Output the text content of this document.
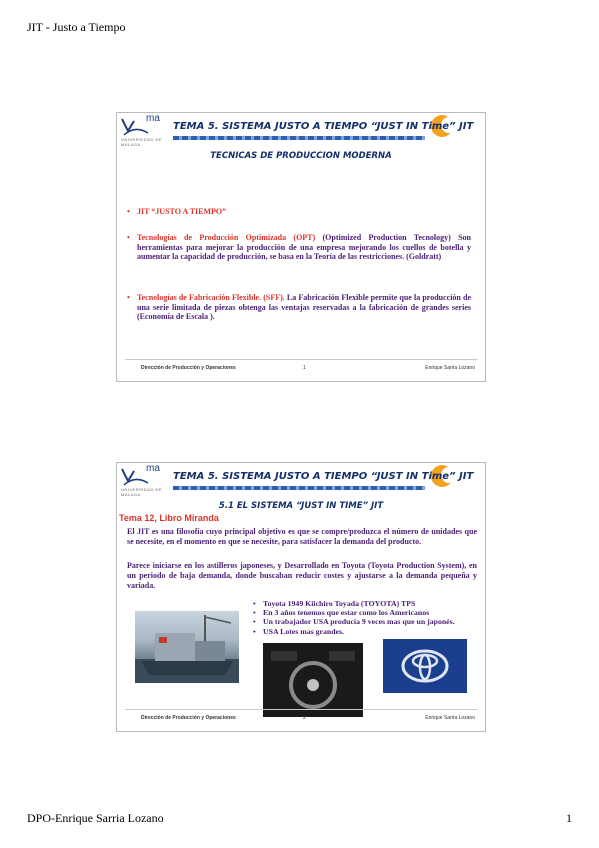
JIT - Justo a Tiempo
ma
UNIVERSIDAD DE MÁLAGA

TEMA 5. SISTEMA JUSTO A TIEMPO “JUST IN Time” JIT
TECNICAS DE PRODUCCION MODERNA
• JIT “JUSTO A TIEMPO”
• Tecnologías de Producción Optimizada (OPT) (Optimized Production Tecnology) Son herramientas para mejorar la producción de una empresa mejorando los cuellos de botella y aumentar la capacidad de producción, se basa en la Teoría de las restricciones. (Goldratt)
• Tecnologías de Fabricación Flexible. (SFF). La Fabricación Flexible permite que la producción de una serie limitada de piezas obtenga las ventajas reservadas a la fabricación de grandes series (Economía de Escala ).
Dirección de Producción y Operaciones	1	Enrique Sarria Lozano
ma
UNIVERSIDAD DE MÁLAGA
TEMA 5. SISTEMA JUSTO A TIEMPO “JUST IN Time” JIT
5.1 EL SISTEMA “JUST IN TIME” JIT
Tema 12, Libro Miranda

El JIT es una filosofía cuyo principal objetivo es que se compre/produzca el número de unidades que se necesite, en el momento en que se necesite, para satisfacer la demanda del producto.

Parece iniciarse en los astilleros japoneses, y Desarrollado en Toyota (Toyota Production System), en un periodo de baja demanda, donde buscaban reducir costes y ajustarse a la demanda pequeña y variada.

• Toyota 1949 Kiichiro Toyada (TOYOTA) TPS
• En 3 años tenemos que estar como los Americanos
• Un trabajador USA producía 9 veces mas que un japonés.
• USA Lotes mas grandes.
Dirección de Producción y Operaciones	2	Enrique Sarria Lozano
DPO-Enrique Sarria Lozano	1
